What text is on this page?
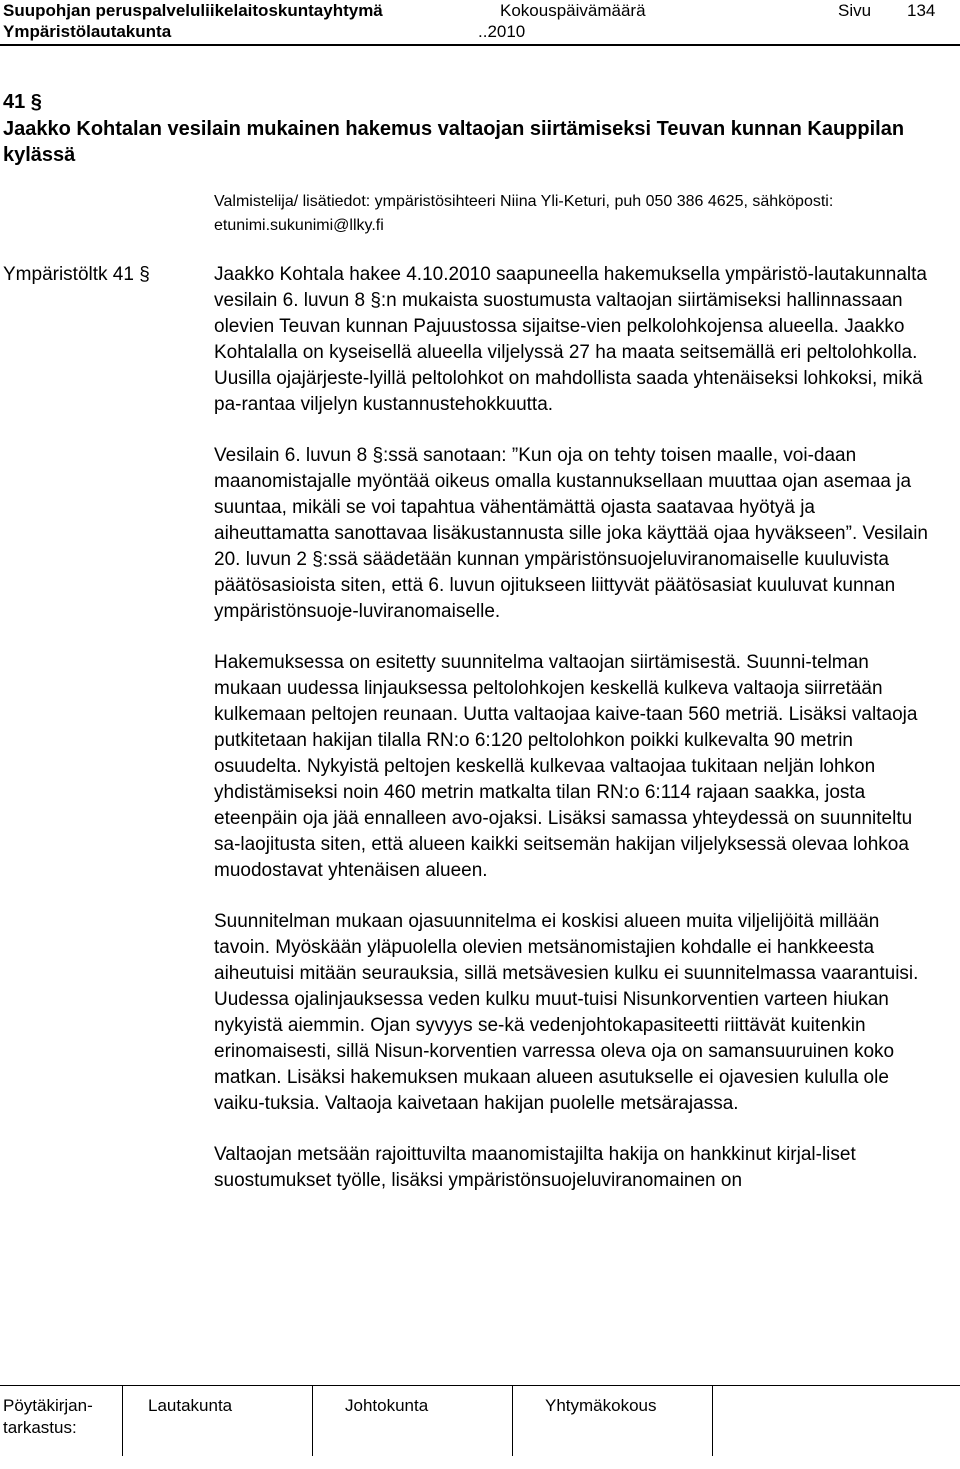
Suupohjan peruspalveluliikelaitoskuntayhtymä	Kokouspäivämäärä	Sivu 134
Ympäristölautakunta	..2010
41 §
Jaakko Kohtalan vesilain mukainen hakemus valtaojan siirtämiseksi Teuvan kunnan Kauppilan kylässä
Valmistelija/ lisätiedot: ympäristösihteeri Niina Yli-Keturi, puh 050 386 4625, sähköposti: etunimi.sukunimi@llky.fi
Ympäristöltk 41 §	Jaakko Kohtala hakee 4.10.2010 saapuneella hakemuksella ympäristö-lautakunnalta vesilain 6. luvun 8 §:n mukaista suostumusta valtaojan siirtämiseksi hallinnassaan olevien Teuvan kunnan Pajuustossa sijaitse-vien pelkolohkojensa alueella. Jaakko Kohtalalla on kyseisellä alueella viljelyssä 27 ha maata seitsemällä eri peltolohkolla. Uusilla ojajärjeste-lyillä peltolohkot on mahdollista saada yhtenäiseksi lohkoksi, mikä pa-rantaa viljelyn kustannustehokkuutta.

Vesilain 6. luvun 8 §:ssä sanotaan: ”Kun oja on tehty toisen maalle, voi-daan maanomistajalle myöntää oikeus omalla kustannuksellaan muuttaa ojan asemaa ja suuntaa, mikäli se voi tapahtua vähentämättä ojasta saatavaa hyötyä ja aiheuttamatta sanottavaa lisäkustannusta sille joka käyttää ojaa hyväkseen”. Vesilain 20. luvun 2 §:ssä säädetään kunnan ympäristönsuojeluviranomaiselle kuuluvista päätösasioista siten, että 6. luvun ojitukseen liittyvät päätösasiat kuuluvat kunnan ympäristönsuoje-luviranomaiselle.

Hakemuksessa on esitetty suunnitelma valtaojan siirtämisestä. Suunni-telman mukaan uudessa linjauksessa peltolohkojen keskellä kulkeva valtaoja siirretään kulkemaan peltojen reunaan. Uutta valtaojaa kaive-taan 560 metriä. Lisäksi valtaoja putkitetaan hakijan tilalla RN:o 6:120 peltolohkon poikki kulkevalta 90 metrin osuudelta. Nykyistä peltojen keskellä kulkevaa valtaojaa tukitaan neljän lohkon yhdistämiseksi noin 460 metrin matkalta tilan RN:o 6:114 rajaan saakka, josta eteenpäin oja jää ennalleen avo-ojaksi. Lisäksi samassa yhteydessä on suunniteltu sa-laojitusta siten, että alueen kaikki seitsemän hakijan viljelyksessä olevaa lohkoa muodostavat yhtenäisen alueen.

Suunnitelman mukaan ojasuunnitelma ei koskisi alueen muita viljelijöitä millään tavoin. Myöskään yläpuolella olevien metsänomistajien kohdalle ei hankkeesta aiheutuisi mitään seurauksia, sillä metsävesien kulku ei suunnitelmassa vaarantuisi. Uudessa ojalinjauksessa veden kulku muut-tuisi Nisunkorventien varteen hiukan nykyistä aiemmin. Ojan syvyys se-kä vedenjohtokapasiteetti riittävät kuitenkin erinomaisesti, sillä Nisun-korventien varressa oleva oja on samansuuruinen koko matkan. Lisäksi hakemuksen mukaan alueen asutukselle ei ojavesien kululla ole vaiku-tuksia. Valtaoja kaivetaan hakijan puolelle metsärajassa.

Valtaojan metsään rajoittuvilta maanomistajilta hakija on hankkinut kirjal-liset suostumukset työlle, lisäksi ympäristönsuojeluviranomainen on

Pöytäkirjan-tarkastus:
Lautakunta	Johtokunta	Yhtymäkokous
